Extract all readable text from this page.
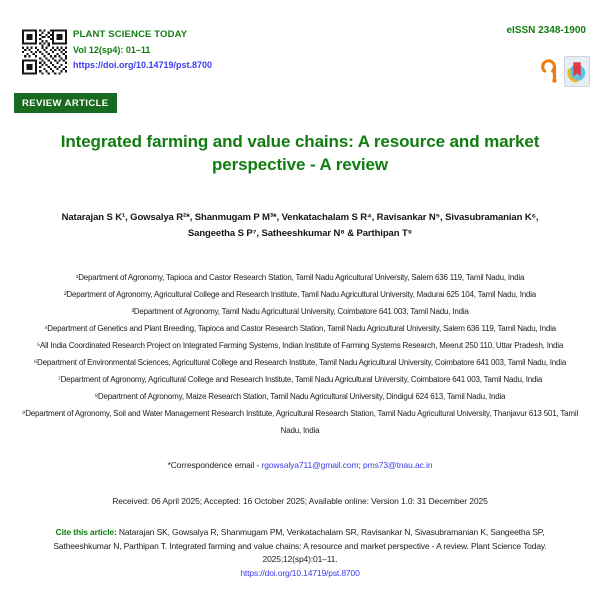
PLANT SCIENCE TODAY
Vol 12(sp4): 01–11
https://doi.org/10.14719/pst.8700
eISSN 2348-1900
REVIEW ARTICLE
Integrated farming and value chains: A resource and market
perspective - A review

Natarajan S K¹, Gowsalya R²*, Shanmugam P M³*, Venkatachalam S R⁴, Ravisankar N⁵, Sivasubramanian K⁶,
Sangeetha S P⁷, Satheeshkumar N⁸ & Parthipan T⁹

¹Department of Agronomy, Tapioca and Castor Research Station, Tamil Nadu Agricultural University, Salem 636 119, Tamil Nadu, India
²Department of Agronomy, Agricultural College and Research Institute, Tamil Nadu Agricultural University, Madurai 625 104, Tamil Nadu, India
³Department of Agronomy, Tamil Nadu Agricultural University, Coimbatore 641 003, Tamil Nadu, India
⁴Department of Genetics and Plant Breeding, Tapioca and Castor Research Station, Tamil Nadu Agricultural University, Salem 636 119, Tamil Nadu, India
⁵All India Coordinated Research Project on Integrated Farming Systems, Indian Institute of Farming Systems Research, Meerut 250 110, Uttar Pradesh, India
⁶Department of Environmental Sciences, Agricultural College and Research Institute, Tamil Nadu Agricultural University, Coimbatore 641 003, Tamil Nadu, India
⁷Department of Agronomy, Agricultural College and Research Institute, Tamil Nadu Agricultural University, Coimbatore 641 003, Tamil Nadu, India
⁸Department of Agronomy, Maize Research Station, Tamil Nadu Agricultural University, Dindigul 624 613, Tamil Nadu, India
⁹Department of Agronomy, Soil and Water Management Research Institute, Agricultural Research Station, Tamil Nadu Agricultural University, Thanjavur 613 501, Tamil Nadu, India

*Correspondence email - rgowsalya711@gmail.com; pms73@tnau.ac.in

Received: 06 April 2025; Accepted: 16 October 2025; Available online: Version 1.0: 31 December 2025

Cite this article: Natarajan SK, Gowsalya R, Shanmugam PM, Venkatachalam SR, Ravisankar N, Sivasubramanian K, Sangeetha SP, Satheeshkumar N, Parthipan T. Integrated farming and value chains: A resource and market perspective - A review. Plant Science Today. 2025;12(sp4):01–11.
https://doi.org/10.14719/pst.8700
